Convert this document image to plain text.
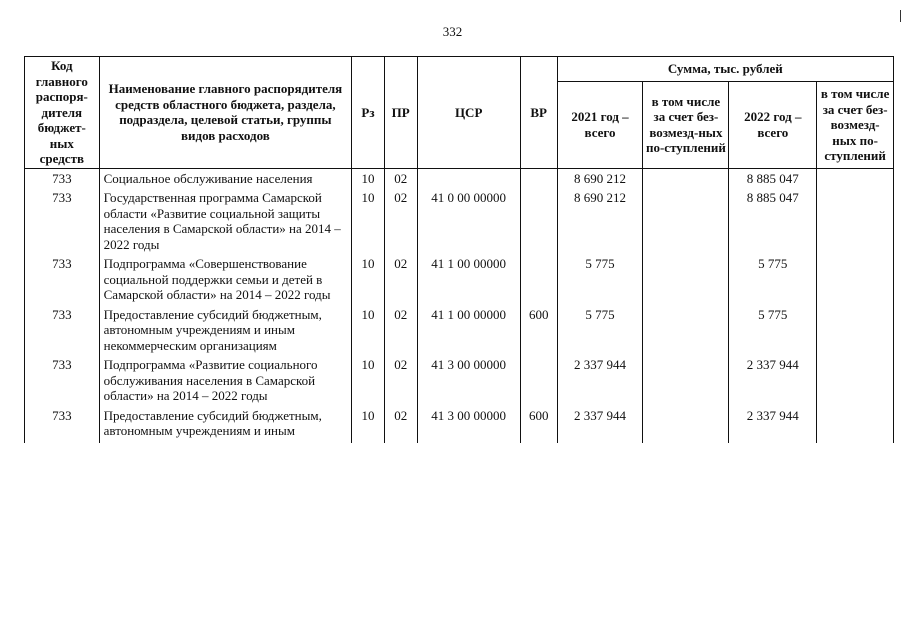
332
Код главного распоря-дителя бюджет-ных средств	Наименование главного распорядителя средств областного бюджета, раздела, подраздела, целевой статьи, группы видов расходов	Рз	ПР	ЦСР	ВР	Сумма, тыс. рублей			
						2021 год – всего	в том числе за счет без-возмезд-ных по-ступлений	2022 год – всего	в том числе за счет без-возмезд-ных по-ступлений
733	Социальное обслуживание населения	10	02			8 690 212		8 885 047	
733	Государственная программа Самарской области «Развитие социальной защиты населения в Самарской области» на 2014 – 2022 годы	10	02	41 0 00 00000		8 690 212		8 885 047	
733	Подпрограмма «Совершенствование социальной поддержки семьи и детей в Самарской области» на 2014 – 2022 годы	10	02	41 1 00 00000		5 775		5 775	
733	Предоставление субсидий бюджетным, автономным учреждениям и иным некоммерческим организациям	10	02	41 1 00 00000	600	5 775		5 775	
733	Подпрограмма «Развитие социального обслуживания населения в Самарской области» на 2014 – 2022 годы	10	02	41 3 00 00000		2 337 944		2 337 944	
733	Предоставление субсидий бюджетным, автономным учреждениям и иным	10	02	41 3 00 00000	600	2 337 944		2 337 944	
